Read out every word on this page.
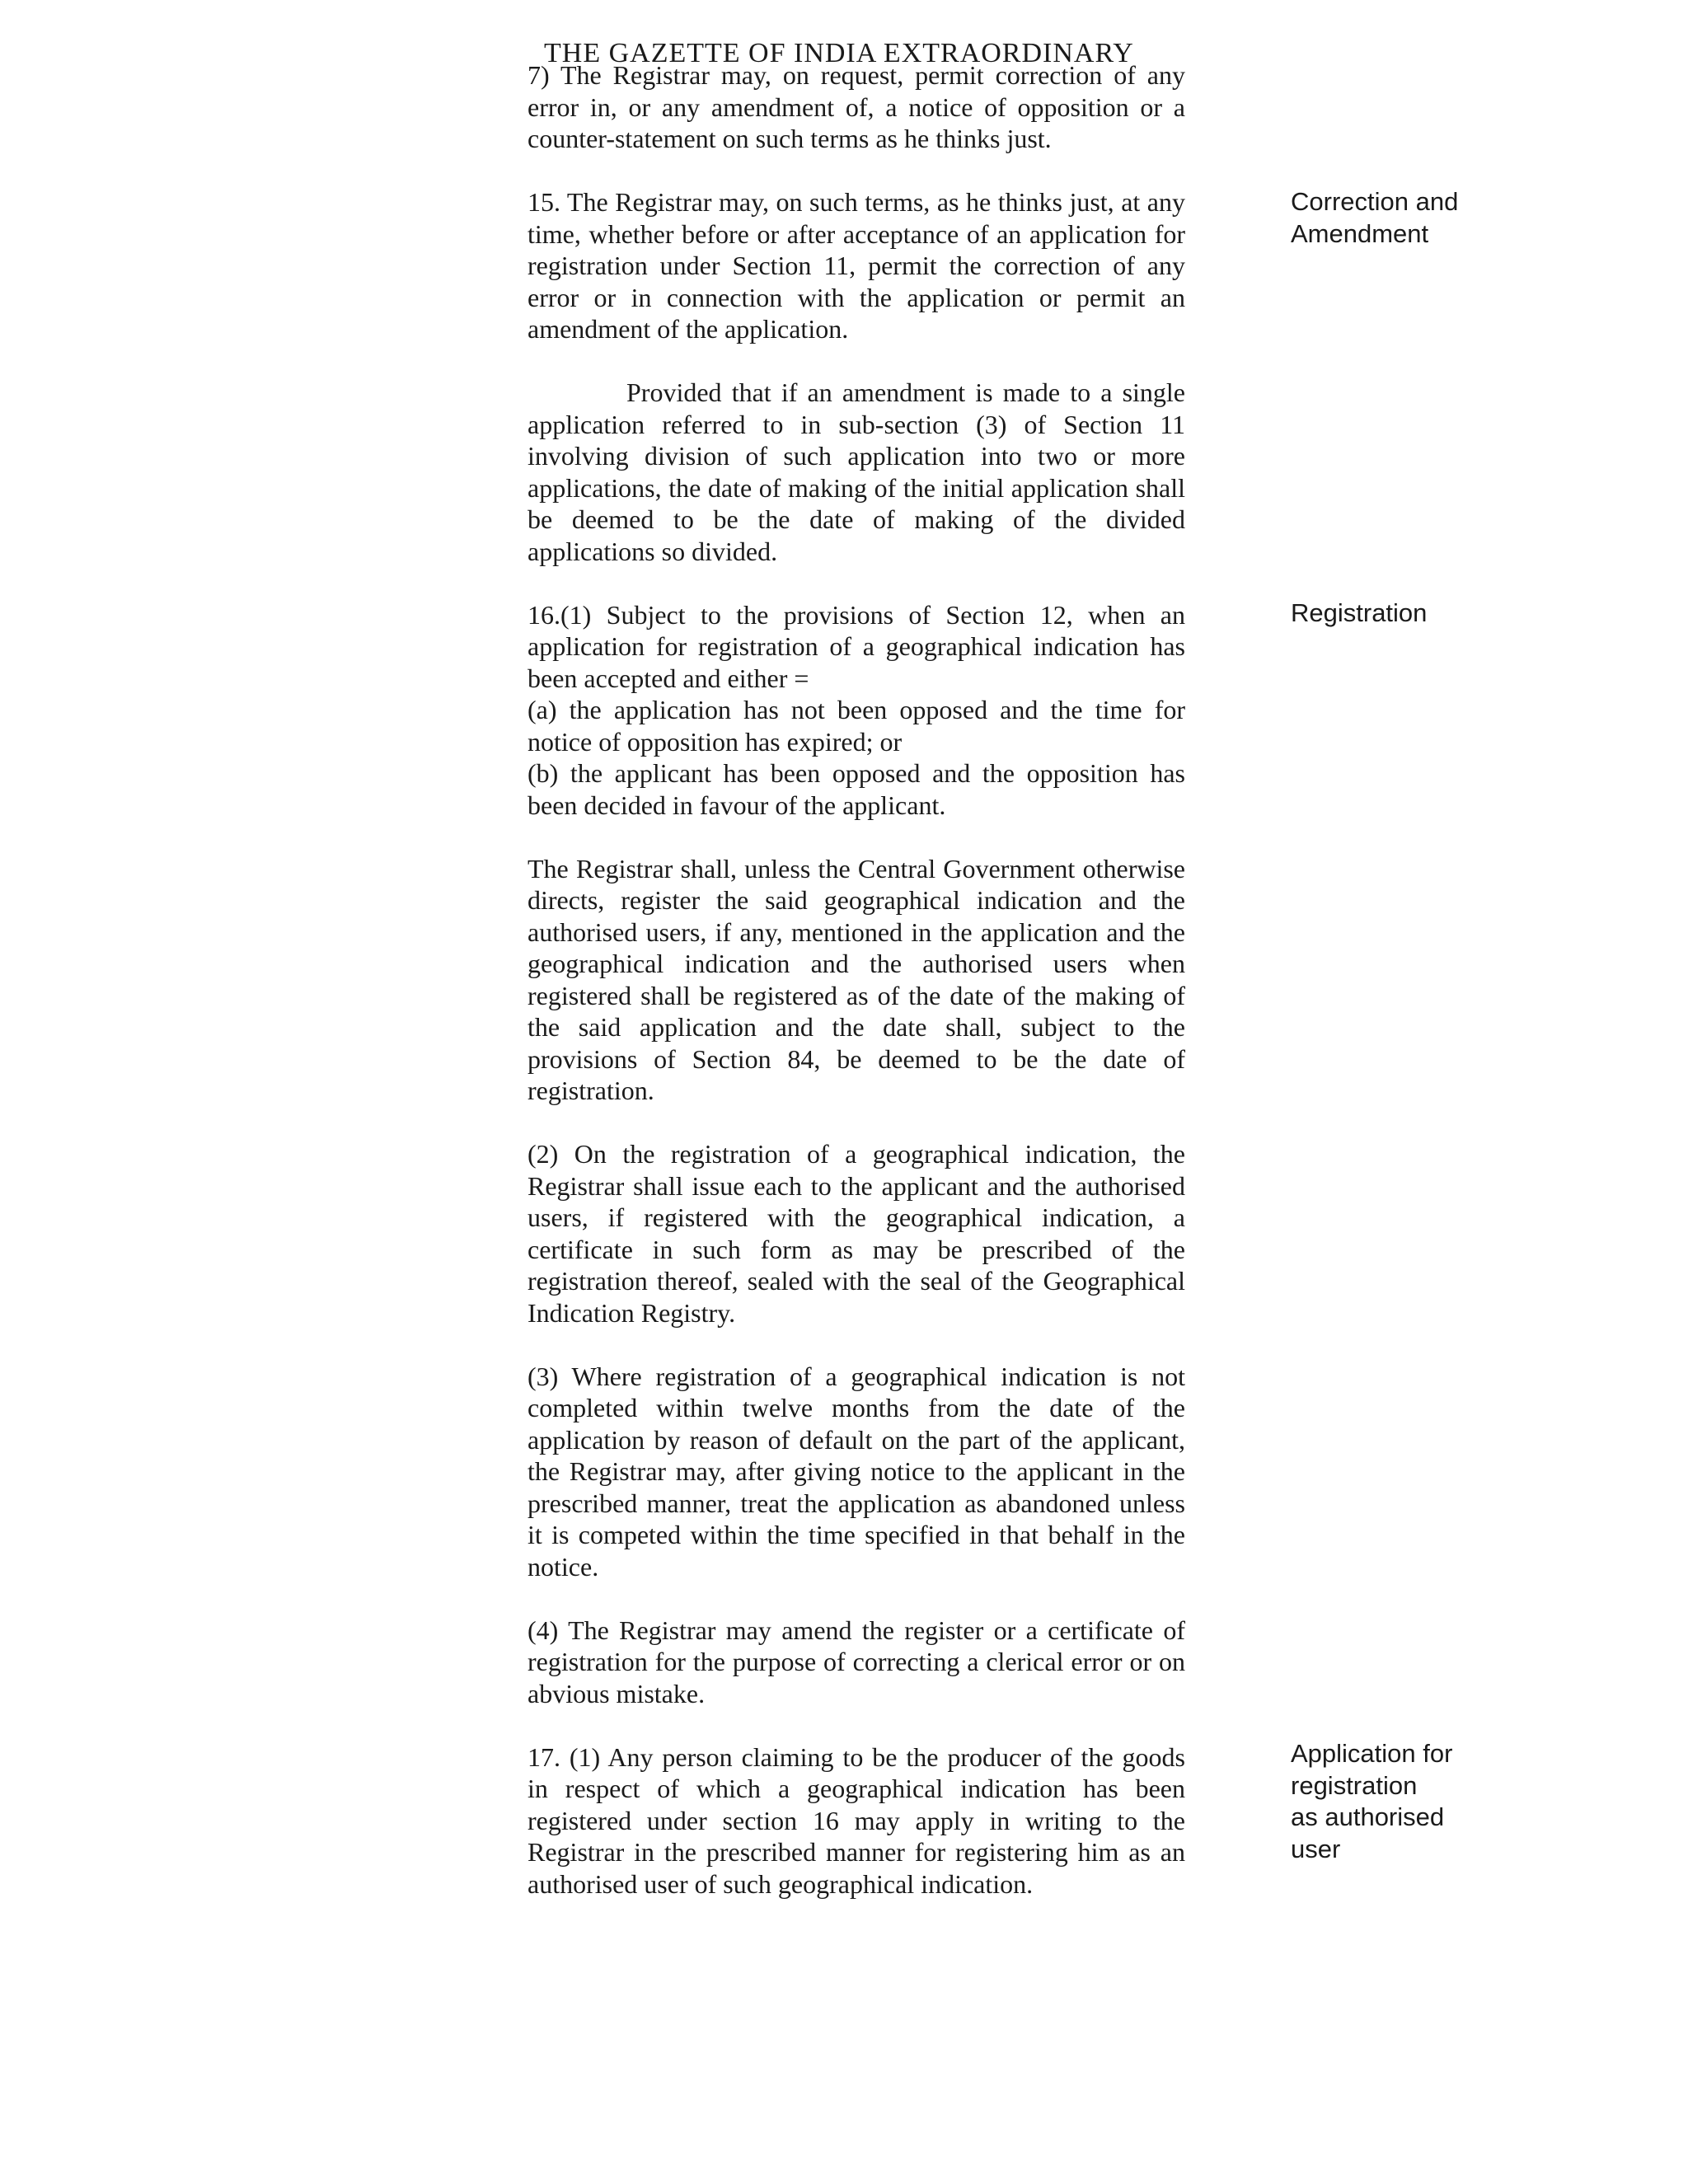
THE GAZETTE OF INDIA EXTRAORDINARY

7) The Registrar may, on request, permit correction of any error in, or any amendment of, a notice of opposition or a counter-statement on such terms as he thinks just.

15. The Registrar may, on such terms, as he thinks just, at any time, whether before or after acceptance of an application for registration under Section 11, permit the correction of any error or in connection with the application or permit an amendment of the application.

Provided that if an amendment is made to a single application referred to in sub-section (3) of Section 11 involving division of such application into two or more applications, the date of making of the initial application shall be deemed to be the date of making of the divided applications so divided.

16.(1) Subject to the provisions of Section 12, when an application for registration of a geographical indication has been accepted and either =

(a) the application has not been opposed and the time for notice of opposition has expired; or

(b) the applicant has been opposed and the opposition has been decided in favour of the applicant.

The Registrar shall, unless the Central Government otherwise directs, register the said geographical indication and the authorised users, if any, mentioned in the application and the geographical indication and the authorised users when registered shall be registered as of the date of the making of the said application and the date shall, subject to the provisions of Section 84, be deemed to be the date of registration.

(2) On the registration of a geographical indication, the Registrar shall issue each to the applicant and the authorised users, if registered with the geographical indication, a certificate in such form as may be prescribed of the registration thereof, sealed with the seal of the Geographical Indication Registry.

(3) Where registration of a geographical indication is not completed within twelve months from the date of the application by reason of default on the part of the applicant, the Registrar may, after giving notice to the applicant in the prescribed manner, treat the application as abandoned unless it is competed within the time specified in that behalf in the notice.

(4) The Registrar may amend the register or a certificate of registration for the purpose of correcting a clerical error or on abvious mistake.

17. (1) Any person claiming to be the producer of the goods in respect of which a geographical indication has been registered under section 16 may apply in writing to the Registrar in the prescribed manner for registering him as an authorised user of such geographical indication.

Correction and
Amendment
Registration
Application for
registration
as authorised
user
